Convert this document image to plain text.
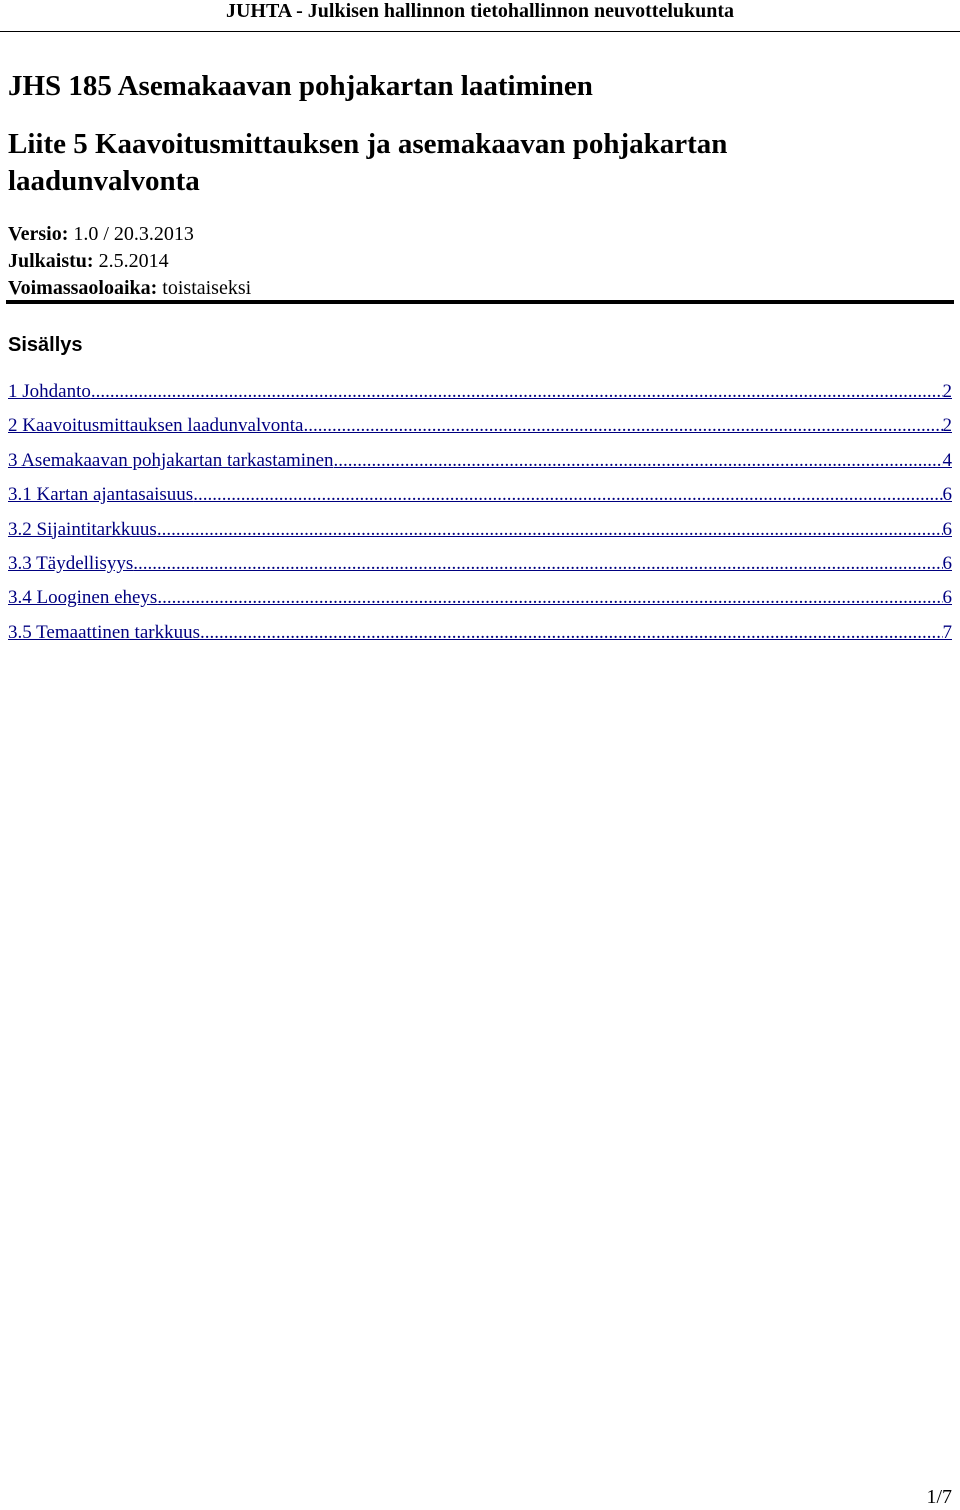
JUHTA - Julkisen hallinnon tietohallinnon neuvottelukunta
JHS 185 Asemakaavan pohjakartan laatiminen
Liite 5 Kaavoitusmittauksen ja asemakaavan pohjakartan laadunvalvonta
Versio: 1.0 / 20.3.2013
Julkaistu: 2.5.2014
Voimassaoloaika: toistaiseksi
Sisällys
1 Johdanto .....	2
2 Kaavoitusmittauksen laadunvalvonta .....	2
3 Asemakaavan pohjakartan tarkastaminen .....	4
3.1 Kartan ajantasaisuus .....	6
3.2 Sijaintitarkkuus .....	6
3.3 Täydellisyys .....	6
3.4 Looginen eheys .....	6
3.5 Temaattinen tarkkuus .....	7
1/7
